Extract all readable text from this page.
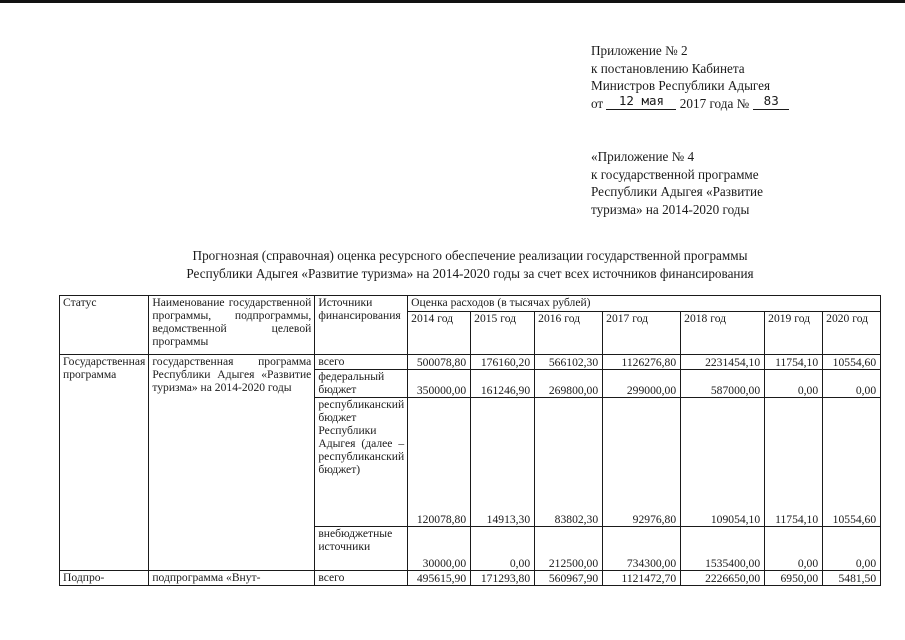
Приложение № 2
к постановлению Кабинета
Министров Республики Адыгея
от 12 мая 2017 года № 83
«Приложение № 4
к государственной программе
Республики Адыгея «Развитие
туризма» на 2014-2020 годы
Прогнозная (справочная) оценка ресурсного обеспечение реализации государственной программы
Республики Адыгея «Развитие туризма» на 2014-2020 годы за счет всех источников финансирования
Статус	Наименование государственной программы, подпрограммы, ведомственной целевой программы	Источники финансирования	Оценка расходов (в тысячах рублей)						
			2014 год	2015 год	2016 год	2017 год	2018 год	2019 год	2020 год
Государственная программа	государственная программа Республики Адыгея «Развитие туризма» на 2014-2020 годы	всего	500078,80	176160,20	566102,30	1126276,80	2231454,10	11754,10	10554,60
		федеральный бюджет	350000,00	161246,90	269800,00	299000,00	587000,00	0,00	0,00
		республиканский бюджет Республики Адыгея (далее – республиканский бюджет)	120078,80	14913,30	83802,30	92976,80	109054,10	11754,10	10554,60
		внебюджетные источники	30000,00	0,00	212500,00	734300,00	1535400,00	0,00	0,00
Подпро-	подпрограмма «Внут-	всего	495615,90	171293,80	560967,90	1121472,70	2226650,00	6950,00	5481,50
